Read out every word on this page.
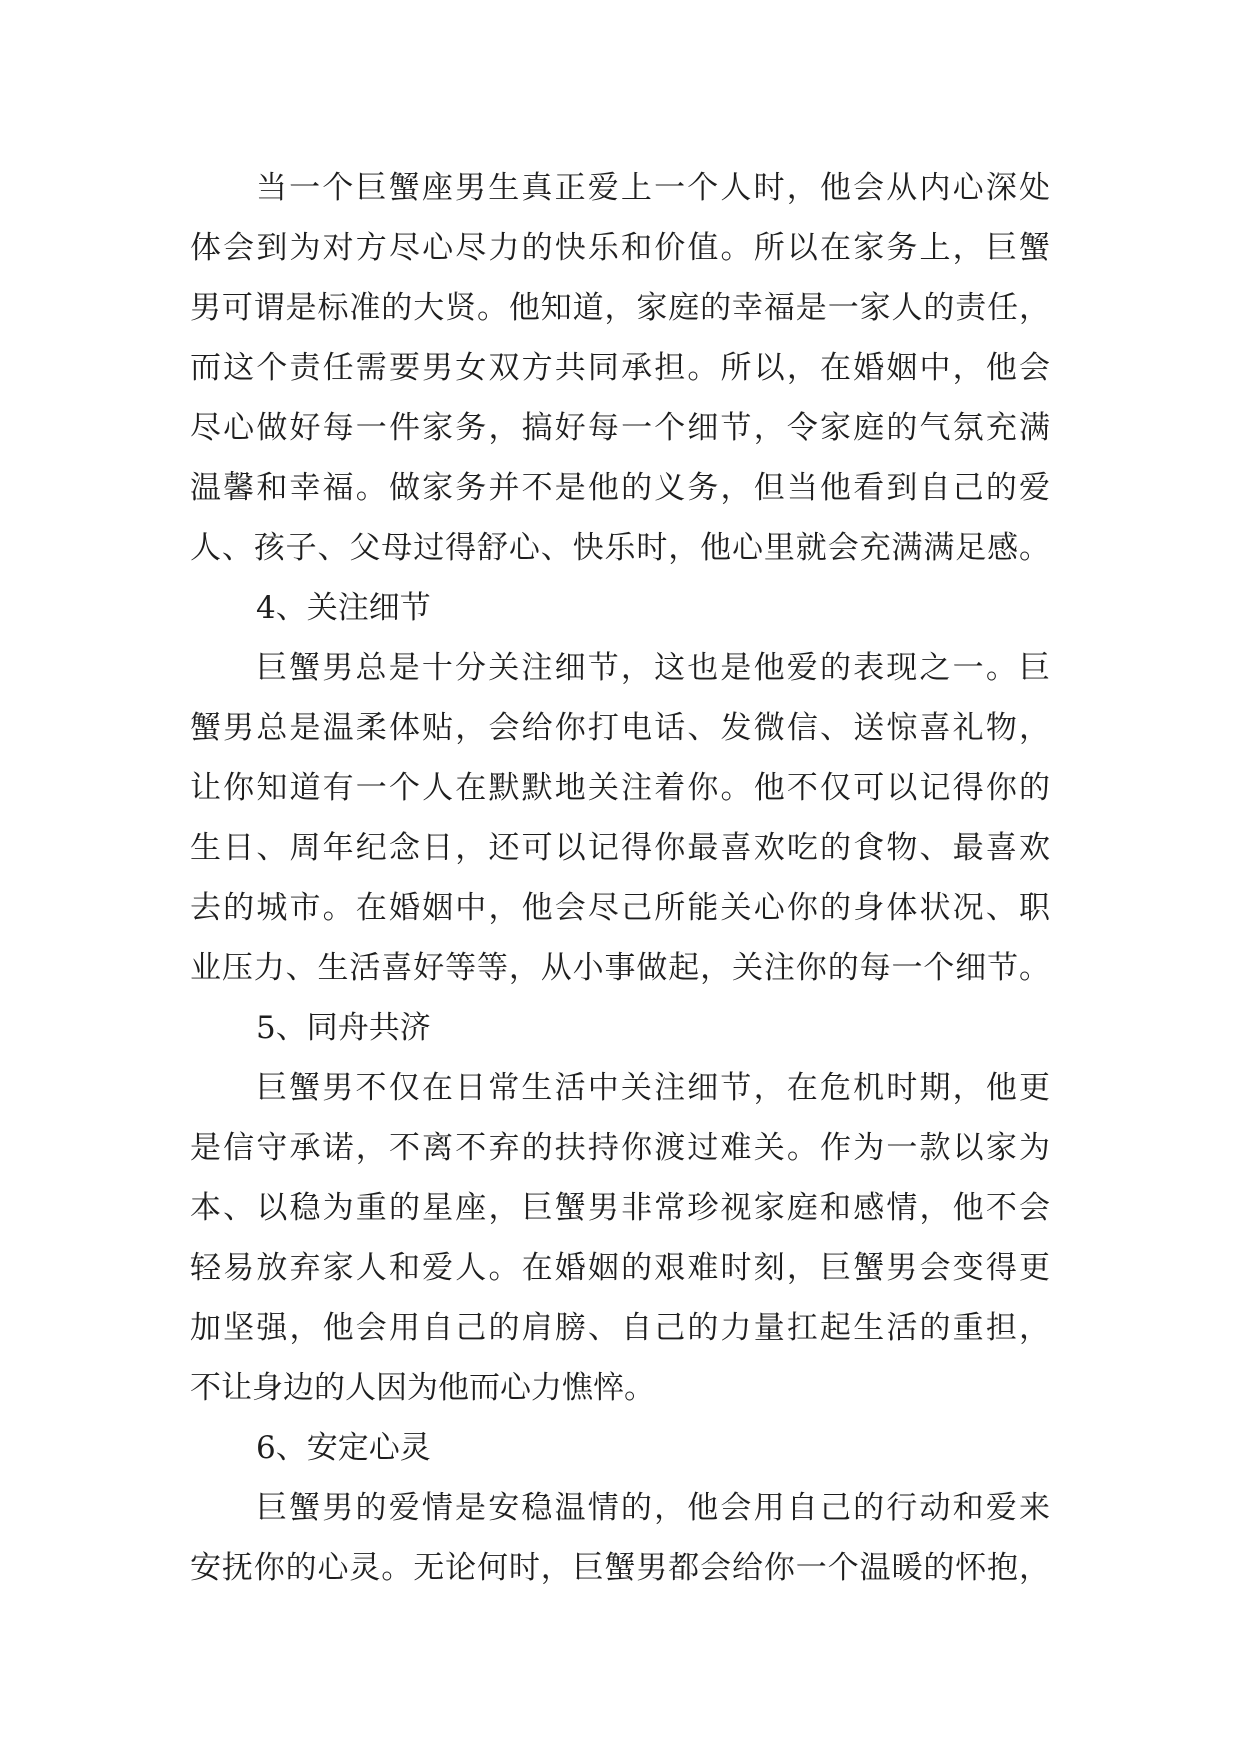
当一个巨蟹座男生真正爱上一个人时，他会从内心深处
体会到为对方尽心尽力的快乐和价值。所以在家务上，巨蟹
男可谓是标准的大贤。他知道，家庭的幸福是一家人的责任，
而这个责任需要男女双方共同承担。所以，在婚姻中，他会
尽心做好每一件家务，搞好每一个细节，令家庭的气氛充满
温馨和幸福。做家务并不是他的义务，但当他看到自己的爱
人、孩子、父母过得舒心、快乐时，他心里就会充满满足感。
4、关注细节
巨蟹男总是十分关注细节，这也是他爱的表现之一。巨
蟹男总是温柔体贴，会给你打电话、发微信、送惊喜礼物，
让你知道有一个人在默默地关注着你。他不仅可以记得你的
生日、周年纪念日，还可以记得你最喜欢吃的食物、最喜欢
去的城市。在婚姻中，他会尽己所能关心你的身体状况、职
业压力、生活喜好等等，从小事做起，关注你的每一个细节。
5、同舟共济
巨蟹男不仅在日常生活中关注细节，在危机时期，他更
是信守承诺，不离不弃的扶持你渡过难关。作为一款以家为
本、以稳为重的星座，巨蟹男非常珍视家庭和感情，他不会
轻易放弃家人和爱人。在婚姻的艰难时刻，巨蟹男会变得更
加坚强，他会用自己的肩膀、自己的力量扛起生活的重担，
不让身边的人因为他而心力憔悴。
6、安定心灵
巨蟹男的爱情是安稳温情的，他会用自己的行动和爱来
安抚你的心灵。无论何时，巨蟹男都会给你一个温暖的怀抱，
